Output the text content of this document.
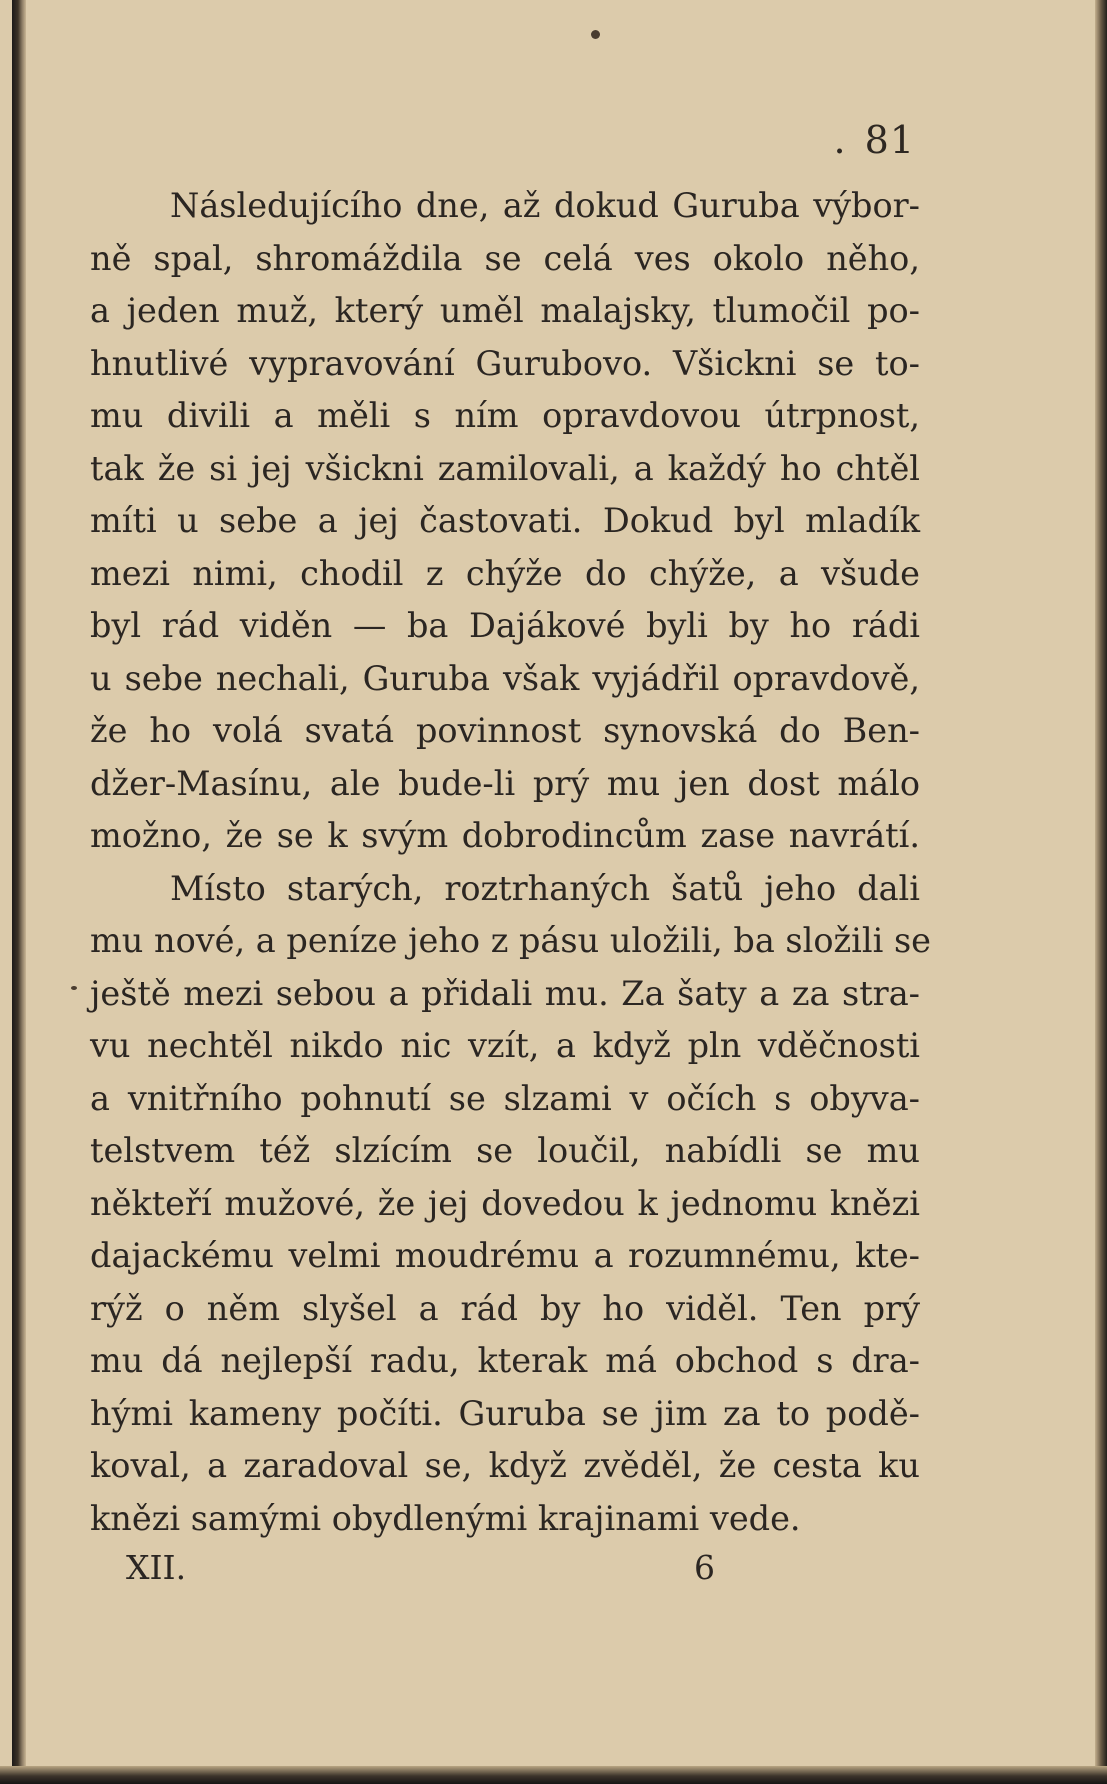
. 81
Následujícího dne, až dokud Guruba výbor-
ně spal, shromáždila se celá ves okolo něho,
a jeden muž, který uměl malajsky, tlumočil po-
hnutlivé vypravování Gurubovo. Všickni se to-
mu divili a měli s ním opravdovou útrpnost,
tak že si jej všickni zamilovali, a každý ho chtěl
míti u sebe a jej častovati. Dokud byl mladík
mezi nimi, chodil z chýže do chýže, a všude
byl rád viděn — ba Dajákové byli by ho rádi
u sebe nechali, Guruba však vyjádřil opravdově,
že ho volá svatá povinnost synovská do Ben-
džer-Masínu, ale bude-li prý mu jen dost málo
možno, že se k svým dobrodincům zase navrátí.
Místo starých, roztrhaných šatů jeho dali
mu nové, a peníze jeho z pásu uložili, ba složili se
ještě mezi sebou a přidali mu. Za šaty a za stra-
vu nechtěl nikdo nic vzít, a když pln vděčnosti
a vnitřního pohnutí se slzami v očích s obyva-
telstvem též slzícím se loučil, nabídli se mu
někteří mužové, že jej dovedou k jednomu knězi
dajackému velmi moudrému a rozumnému, kte-
rýž o něm slyšel a rád by ho viděl. Ten prý
mu dá nejlepší radu, kterak má obchod s dra-
hými kameny počíti. Guruba se jim za to podě-
koval, a zaradoval se, když zvěděl, že cesta ku
knězi samými obydlenými krajinami vede.
XII.	6
